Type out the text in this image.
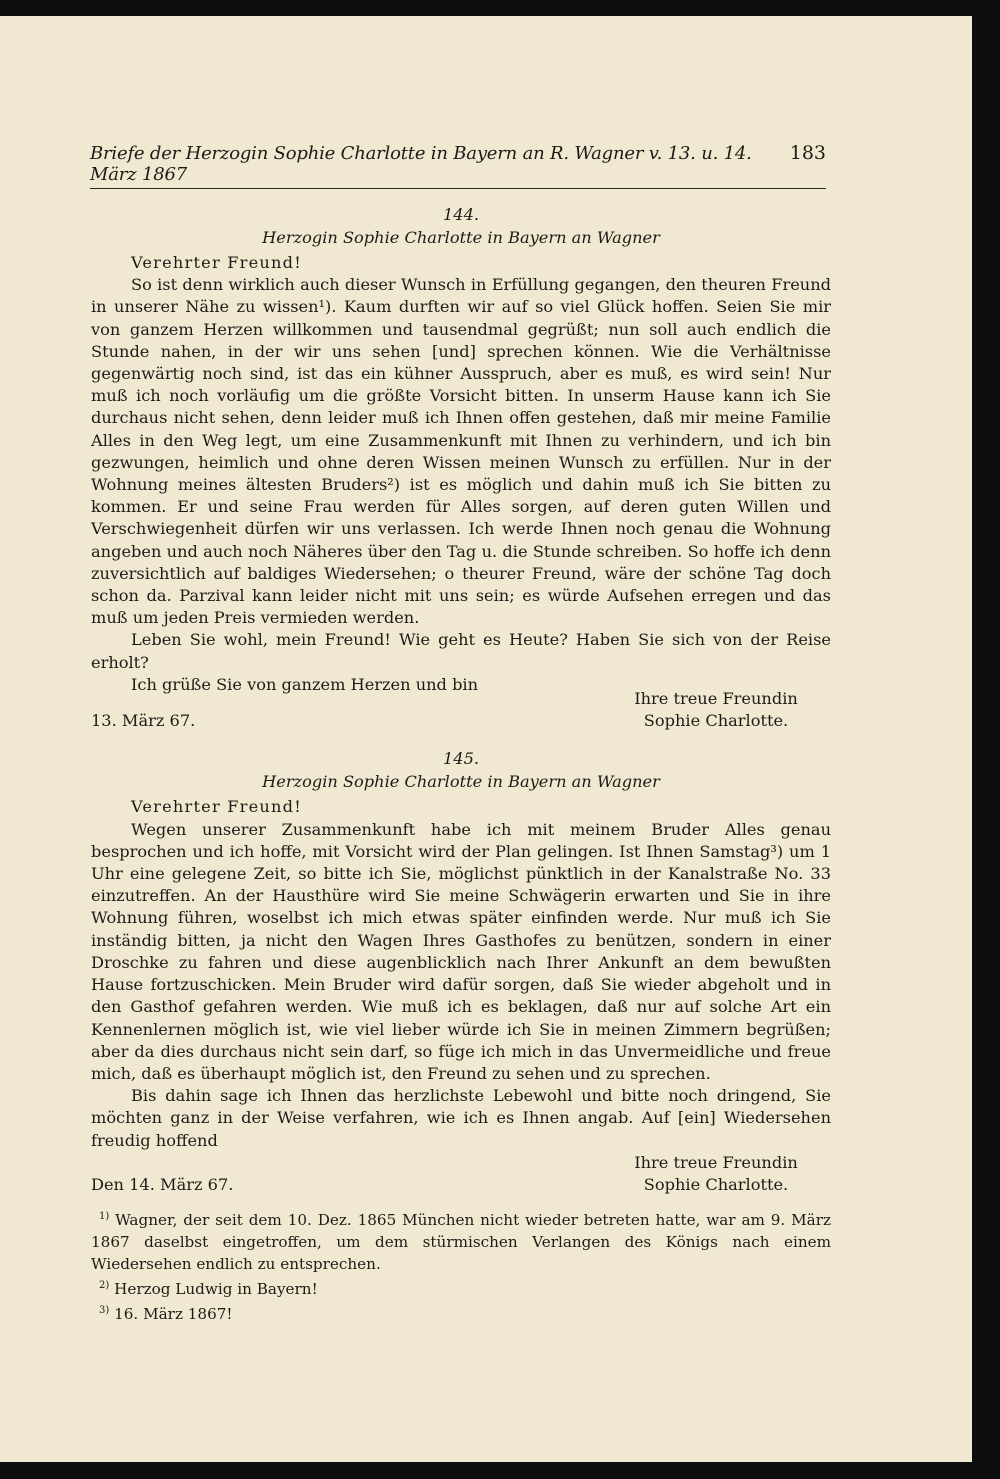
Briefe der Herzogin Sophie Charlotte in Bayern an R. Wagner v. 13. u. 14. März 1867
183

144.

Herzogin Sophie Charlotte in Bayern an Wagner

Verehrter Freund!

So ist denn wirklich auch dieser Wunsch in Erfüllung gegangen, den theuren Freund in unserer Nähe zu wissen¹). Kaum durften wir auf so viel Glück hoffen. Seien Sie mir von ganzem Herzen willkommen und tausendmal gegrüßt; nun soll auch endlich die Stunde nahen, in der wir uns sehen [und] sprechen können. Wie die Verhältnisse gegenwärtig noch sind, ist das ein kühner Ausspruch, aber es muß, es wird sein! Nur muß ich noch vorläufig um die größte Vorsicht bitten. In unserm Hause kann ich Sie durchaus nicht sehen, denn leider muß ich Ihnen offen gestehen, daß mir meine Familie Alles in den Weg legt, um eine Zusammenkunft mit Ihnen zu verhindern, und ich bin gezwungen, heimlich und ohne deren Wissen meinen Wunsch zu erfüllen. Nur in der Wohnung meines ältesten Bruders²) ist es möglich und dahin muß ich Sie bitten zu kommen. Er und seine Frau werden für Alles sorgen, auf deren guten Willen und Verschwiegenheit dürfen wir uns verlassen. Ich werde Ihnen noch genau die Wohnung angeben und auch noch Näheres über den Tag u. die Stunde schreiben. So hoffe ich denn zuversichtlich auf baldiges Wiedersehen; o theurer Freund, wäre der schöne Tag doch schon da. Parzival kann leider nicht mit uns sein; es würde Aufsehen erregen und das muß um jeden Preis vermieden werden.

Leben Sie wohl, mein Freund! Wie geht es Heute? Haben Sie sich von der Reise erholt?

Ich grüße Sie von ganzem Herzen und bin
13. März 67.
Ihre treue Freundin
Sophie Charlotte.

145.

Herzogin Sophie Charlotte in Bayern an Wagner

Verehrter Freund!

Wegen unserer Zusammenkunft habe ich mit meinem Bruder Alles genau besprochen und ich hoffe, mit Vorsicht wird der Plan gelingen. Ist Ihnen Samstag³) um 1 Uhr eine gelegene Zeit, so bitte ich Sie, möglichst pünktlich in der Kanalstraße No. 33 einzutreffen. An der Hausthüre wird Sie meine Schwägerin erwarten und Sie in ihre Wohnung führen, woselbst ich mich etwas später einfinden werde. Nur muß ich Sie inständig bitten, ja nicht den Wagen Ihres Gasthofes zu benützen, sondern in einer Droschke zu fahren und diese augenblicklich nach Ihrer Ankunft an dem bewußten Hause fortzuschicken. Mein Bruder wird dafür sorgen, daß Sie wieder abgeholt und in den Gasthof gefahren werden. Wie muß ich es beklagen, daß nur auf solche Art ein Kennenlernen möglich ist, wie viel lieber würde ich Sie in meinen Zimmern begrüßen; aber da dies durchaus nicht sein darf, so füge ich mich in das Unvermeidliche und freue mich, daß es überhaupt möglich ist, den Freund zu sehen und zu sprechen.

Bis dahin sage ich Ihnen das herzlichste Lebewohl und bitte noch dringend, Sie möchten ganz in der Weise verfahren, wie ich es Ihnen angab. Auf [ein] Wiedersehen freudig hoffend

Den 14. März 67.
Ihre treue Freundin
Sophie Charlotte.

$^{1)}$ Wagner, der seit dem 10. Dez. 1865 München nicht wieder betreten hatte, war am 9. März 1867 daselbst eingetroffen, um dem stürmischen Verlangen des Königs nach einem Wiedersehen endlich zu entsprechen.

$^{2)}$ Herzog Ludwig in Bayern!

$^{3)}$ 16. März 1867!
